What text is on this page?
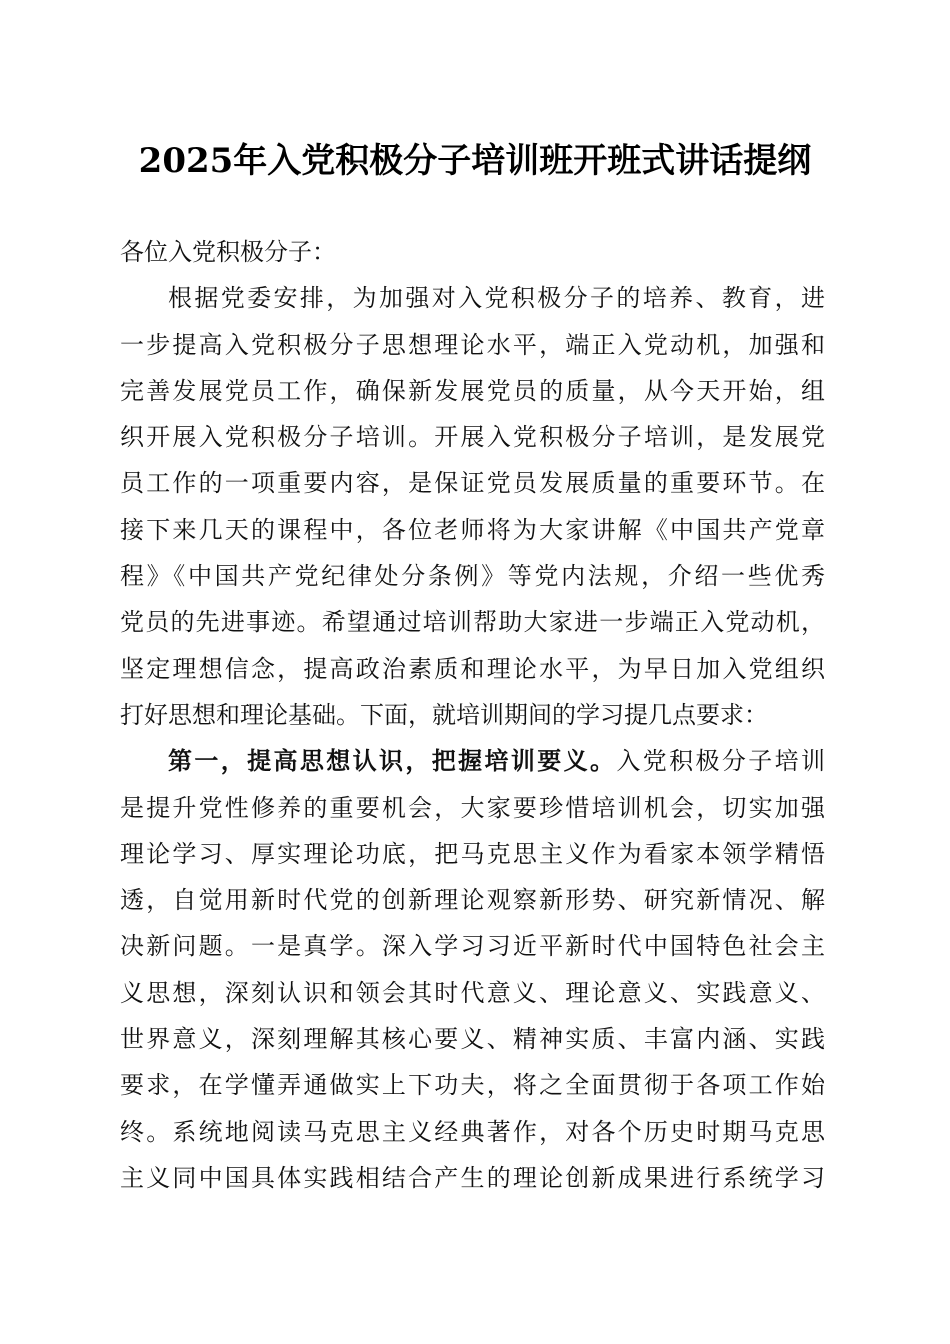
2025年入党积极分子培训班开班式讲话提纲
各位入党积极分子：
根据党委安排，为加强对入党积极分子的培养、教育，进
一步提高入党积极分子思想理论水平，端正入党动机，加强和
完善发展党员工作，确保新发展党员的质量，从今天开始，组
织开展入党积极分子培训。开展入党积极分子培训，是发展党
员工作的一项重要内容，是保证党员发展质量的重要环节。在
接下来几天的课程中，各位老师将为大家讲解《中国共产党章
程》《中国共产党纪律处分条例》等党内法规，介绍一些优秀
党员的先进事迹。希望通过培训帮助大家进一步端正入党动机，
坚定理想信念，提高政治素质和理论水平，为早日加入党组织
打好思想和理论基础。下面，就培训期间的学习提几点要求：
第一，提高思想认识，把握培训要义。入党积极分子培训
是提升党性修养的重要机会，大家要珍惜培训机会，切实加强
理论学习、厚实理论功底，把马克思主义作为看家本领学精悟
透，自觉用新时代党的创新理论观察新形势、研究新情况、解
决新问题。一是真学。深入学习习近平新时代中国特色社会主
义思想，深刻认识和领会其时代意义、理论意义、实践意义、
世界意义，深刻理解其核心要义、精神实质、丰富内涵、实践
要求，在学懂弄通做实上下功夫，将之全面贯彻于各项工作始
终。系统地阅读马克思主义经典著作，对各个历史时期马克思
主义同中国具体实践相结合产生的理论创新成果进行系统学习
